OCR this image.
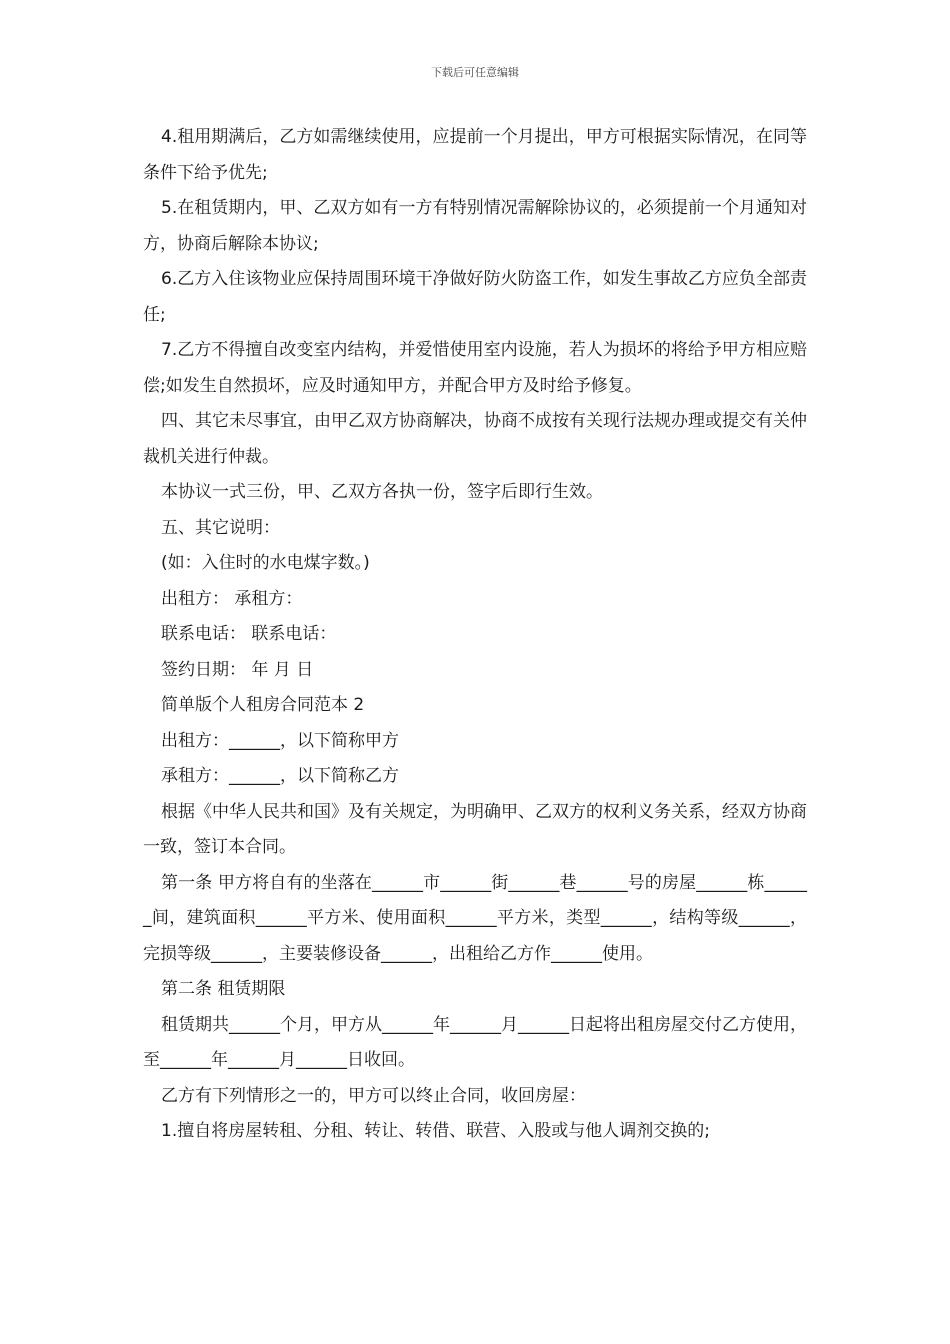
下载后可任意编辑

4.租用期满后，乙方如需继续使用，应提前一个月提出，甲方可根据实际情况，在同等条件下给予优先;

5.在租赁期内，甲、乙双方如有一方有特别情况需解除协议的，必须提前一个月通知对方，协商后解除本协议;

6.乙方入住该物业应保持周围环境干净做好防火防盗工作，如发生事故乙方应负全部责任;

7.乙方不得擅自改变室内结构，并爱惜使用室内设施，若人为损坏的将给予甲方相应赔偿;如发生自然损坏，应及时通知甲方，并配合甲方及时给予修复。

四、其它未尽事宜，由甲乙双方协商解决，协商不成按有关现行法规办理或提交有关仲裁机关进行仲裁。

本协议一式三份，甲、乙双方各执一份，签字后即行生效。

五、其它说明：

(如：入住时的水电煤字数。)

出租方： 承租方：

联系电话： 联系电话：

签约日期： 年 月 日

简单版个人租房合同范本 2

出租方：______，以下简称甲方

承租方：______，以下简称乙方

根据《中华人民共和国》及有关规定，为明确甲、乙双方的权利义务关系，经双方协商一致，签订本合同。

第一条 甲方将自有的坐落在______市______街______巷______号的房屋______栋______间，建筑面积______平方米、使用面积______平方米，类型______，结构等级______，完损等级______，主要装修设备______，出租给乙方作______使用。

第二条 租赁期限

租赁期共______个月，甲方从______年______月______日起将出租房屋交付乙方使用，至______年______月______日收回。

乙方有下列情形之一的，甲方可以终止合同，收回房屋：

1.擅自将房屋转租、分租、转让、转借、联营、入股或与他人调剂交换的;
